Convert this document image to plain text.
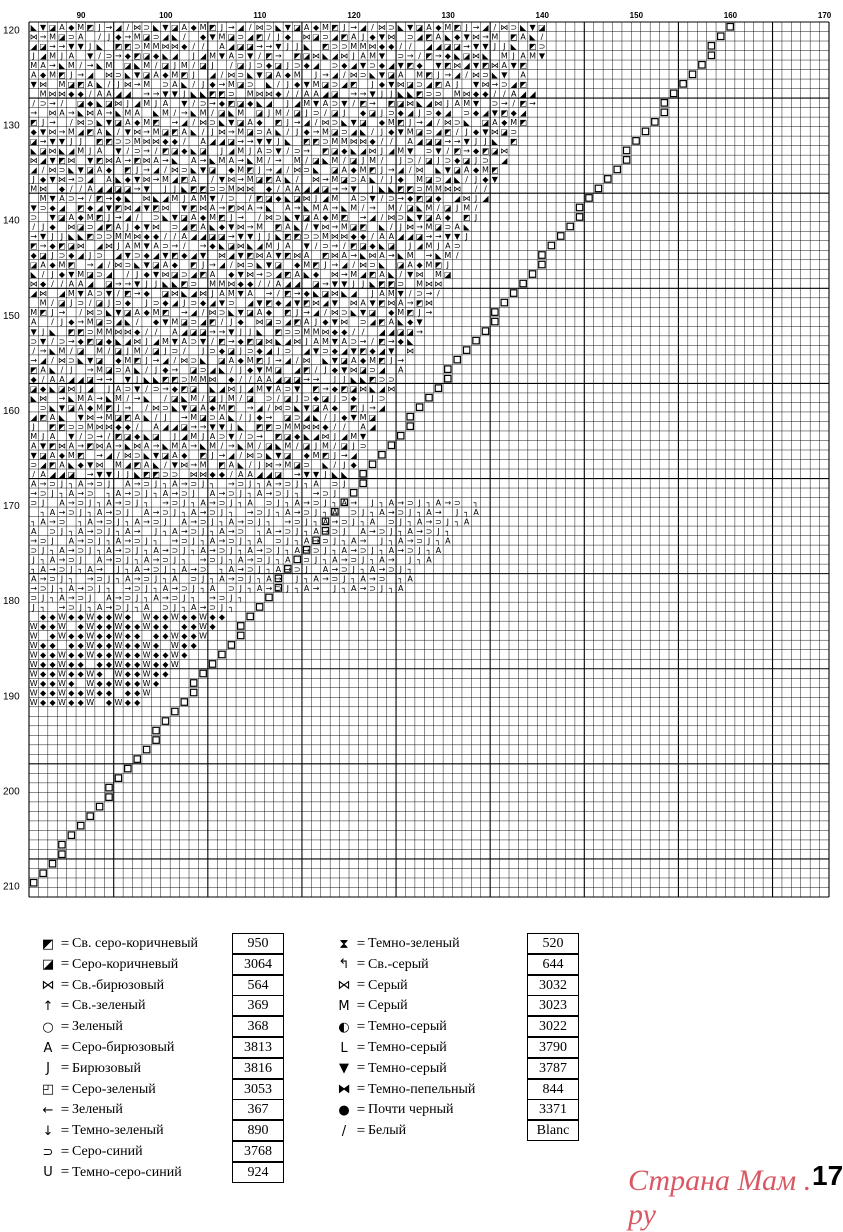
◣ ▼ ◪ A ◆ M ◩ J → ◢ / ⋈ ⊃ ◣ ▼ ◪ A ◆ M ◩ J → ◢ / ⋈ ⊃ ◣ ▼ ◪ A ◆ M ◩ J → ◢ / ⋈ ⊃ ◣ ▼ ◪ A ◆ M ◩ J → ◢ / ⋈ ⊃ ◣ ▼ ◪
⋈ → M ◪ ⊃ A / J ◆ → M ◪ ⊃ ◢ ◣ / ◆ ▼ M ◪ ⊃ ◢ ◩ / J ◆ ⋈ ◪ ⊃ ◢ ◩ A J ◆ ▼ ⋈ ⊃ ◢ ◩ A ◣ ◆ ▼ ⋈ → M ◩ A ◣ /
◢ ◪ → → ▼ ▼ J ◣ ◩ ◩ ⊃ M M ⋈ ⋈ ◆ / / A ◢ ◪ ◪ → → ▼ J J ◣ ◩ ⊃ ⊃ M M ⋈ ◆ ◆ / / ◢ ◢ ◪ ◪ → ▼ ▼ J J ◣ ◩ ⊃
J ◢ M J A ▼ / ⊃ → ◆ ◩ ◪ ◆ ◣ ◢ J ◢ M ▼ A ⊃ ▼ / ◩ → ◩ ◪ ⋈ ◣ ◢ ⋈ J A M ▼ ⊃ → / ◩ → ◆ ◣ ◪ ⋈ ◣ M J A M ▼
M A → ◣ M / → ◣ M ◪ ◣ M / ◪ J M / ◪ J / ◪ J ⊃ ◆ ◪ J ⊃ ◆ ◢ ⊃ ◆ ◢ ▼ ⊃ ◆ ◢ ▼ ◩ ◆ ▼ ◩ ⋈ ◢ ▼ ◩ ⋈ A ▼ ◩
A ◆ M ◩ J → ◢ ⋈ ⊃ ◣ ▼ ◪ A ◆ M ◩ J ◢ / ⋈ ⊃ ◣ ▼ ◪ A ◆ M J → ◢ / ⋈ ⊃ ◣ ▼ ◪ A M ◩ J → ◢ / ⋈ ⊃ ◣ ▼ A
▼ ⋈ M ◪ ◩ A ◣ / J ⋈ → M ⊃ A ◣ / J ◆ → M ◪ ⊃ ◣ / J ◆ ▼ M ◪ ⊃ ◢ ◩ J ◆ ▼ ⋈ ◪ ⊃ ◢ ◩ A J ▼ ⋈ → ⊃ ◢ ◩
M ⋈ ⋈ ◆ ◆ / A A ◢ ◢ → → ▼ ▼ J ◣ ◣ ◩ ◩ ⊃ M ⋈ ⋈ ◆ / / A A ◢ ◪ → → ▼ J J ◣ ◣ ◩ ⊃ ⊃ M ⋈ ◆ ◆ / / A ◢ ◢
/ ⊃ → / ◪ ◆ ◣ ◪ ⋈ J ◢ M J A ▼ / ⊃ → ◆ ◩ ◪ ◆ ◣ ◢ J ◢ M ▼ A ⊃ ▼ / ◩ → ◩ ◪ ⋈ ◣ ◢ ⋈ J A M ▼ ⊃ → / ◩ →
→ ⋈ A → ◣ ⋈ A → ◣ M A ◣ M / → ◣ M / ◪ ◣ M ◪ J M / ◪ J ⊃ / ◪ J ◆ ◪ J ⊃ ◆ ◢ J ⊃ ◆ ◢ ⊃ ◆ ◢ ▼ ◩ ◆ ◢
◩ J → / ⋈ ⊃ ◣ ▼ ◪ A ◆ M ◩ → ◢ / ⋈ ⊃ ◣ ▼ ◪ A ◆ ◩ J → ◢ / ⋈ ⊃ ◣ ▼ ◪ ◆ M ◩ J → ◢ / ⋈ ⊃ ◣ ◪ A ◆ M ◩
◆ ▼ ⋈ → M ◢ ◩ A ◣ / ▼ ⋈ → M ◪ ◩ A ◣ / J ⋈ → M ◪ ⊃ A ◣ / J ◆ → M ◪ ⊃ ◢ ◣ / J ◆ ▼ M ◪ ⊃ ◢ ◩ / J ◆ ▼ ⋈ ◪ ⊃
◪ → ▼ ▼ J J ◩ ◩ ⊃ ⊃ M ⋈ ⋈ ◆ ◆ / A ◢ ◢ ◪ → → ▼ ▼ J ◣ ◩ ◩ ⊃ M M ⋈ ⋈ ◆ / / A ◢ ◪ ◪ → → ▼ J J ◣ ◩
◣ ◪ ⋈ ◣ ◢ M J A ▼ / ⊃ → / ◩ ◪ ◆ ◣ ◪ J ◢ M J A ⊃ ▼ / ⊃ → ◩ ◪ ◆ ◣ ◢ ⋈ J ◢ M ▼ ⊃ ▼ / ◩ → ◆ ◩ ◪ ⋈
⋈ ◢ ▼ ◩ ⋈ ▼ ◩ ⋈ A → ◩ ⋈ A → ◣ A → ◣ M A → ◣ M / → M / ◪ ◣ M / ◪ J M / J ⊃ / ◪ J ⊃ ◆ ◪ J ⊃ ◢
◢ / ⋈ ⊃ ◣ ▼ ◪ A ◆ ◩ J → ◢ / ⋈ ⊃ ◣ ▼ ◪ ◆ M ◩ J → ◢ / ⋈ ⊃ ◣ ◪ A ◆ M ◩ J → ◢ / ⋈ ◣ ▼ ◪ A ◆ M ◩
J ◆ ▼ ⋈ → ⊃ ◢ A ◣ ◆ ▼ ⋈ → M ◢ ◩ A / ▼ ⋈ → M ◪ ◩ A ◣ / ⋈ → M ◪ ⊃ A ◣ / J ◆ M ◪ ⊃ ◢ ◣ / J ◆ ▼
M ⋈ ◆ / / A ◢ ◢ ◪ ◪ → ▼ J J ◣ ◩ ◩ ⊃ ⊃ M ⋈ ⋈ ◆ / A A ◢ ◢ ◪ → → ▼ J ◣ ◣ ◩ ◩ ⊃ M M ⋈ ⋈ / /
M ▼ A ⊃ → / ◩ → ◆ ◣ ⋈ ◣ ◢ M J A M ▼ / ⊃ / ◩ ◪ ◆ ◣ ◪ ⋈ J ◢ M A ⊃ ▼ / ⊃ → ◆ ◩ ◪ ◆ ◢ ⋈ J ◢
▼ ⊃ ◆ ◢ ◩ ◆ ◢ ▼ ◩ ⋈ ◢ ▼ ◩ ⋈ ▼ ◩ ⋈ A → ◩ ⋈ A → ◣ A → ◣ M A → ◣ M / → M / ◪ ◣ M / ◪ J M /
⊃ ▼ ◪ A ◆ M ◩ J → ◢ / ⊃ ◣ ▼ ◪ A ◆ M ◩ J → / ⋈ ⊃ ◣ ▼ ◪ A ◆ M ◩ → ◢ / ⋈ ⊃ ◣ ▼ ◪ A ◆ ◩ J
/ J ◆ ⋈ ◪ ⊃ ◢ ◩ A J ◆ ▼ ⋈ ⊃ ◢ ◩ A ◣ ◆ ▼ ⋈ → M ◩ A ◣ / ▼ ⋈ → M ◪ ◩ ◣ / J ⋈ → M ◪ ⊃ A ◣
→ ▼ J J ◣ ◣ ◩ ⊃ ⊃ M M ⋈ ◆ ◆ / / A ◢ ◢ ◪ ◪ → ▼ ▼ J J ◣ ◩ ◩ ⊃ ⊃ M ⋈ ⋈ ◆ ◆ / A A ◢ ◢ ◪ → → ▼ ▼ J
◩ → ◆ ◩ ◪ ⋈ ◢ ⋈ J A M ▼ A ⊃ → / → ◆ ◣ ◪ ⋈ ◣ ◢ M J A ▼ / ⊃ → / ◩ ◪ ◆ ◣ ◪ J ◢ M J A ⊃
◆ ◪ J ⊃ ◆ ◢ J ⊃ ◢ ▼ ⊃ ◆ ◢ ▼ ◩ ◆ ◢ ▼ ⋈ ◢ ▼ ◩ ⋈ A ▼ ◩ ⋈ A ◩ ⋈ A → ◣ ⋈ A → ◣ M → ◣ M /
◪ A ◆ M ◩ → ◢ / ⋈ ⊃ ◣ ▼ ◪ A ◆ ◩ J → ◢ / ⋈ ⊃ ◣ ▼ ◪ ◆ M ◩ J → ◢ / ⋈ ⊃ ◣ ◪ A ◆ M ◩ J
◣ / J ◆ ▼ M ◪ ⊃ ◢ / J ◆ ▼ ⋈ ◪ ⊃ ◢ ◩ A ◆ ▼ ⋈ → ⊃ ◢ ◩ A ◣ ◆ ⋈ → M ◢ ◩ A ◣ / ▼ ⋈ M ◪
⋈ ◆ / / A A ◢ ◪ → → ▼ J J ◣ ◣ ◩ ⊃ M M ⋈ ◆ ◆ / / A ◢ ◢ ◪ → ▼ ▼ J J ◣ ◩ ◩ ⊃ M ⋈ ⋈
◢ ⋈ ◢ M ▼ A ⊃ ▼ / ◩ → ◆ ◪ ⋈ ◣ ◢ ⋈ J A M ▼ A → / ◩ → ◆ ◣ ◪ ⋈ ◣ ◢ J A M ▼ / ⊃ → /
M / ◪ J ⊃ / ◪ J ⊃ ◆ J ⊃ ◆ ◢ J ⊃ ◆ ◢ ▼ ⊃ ◢ ▼ ◩ ◆ ◢ ▼ ◩ ⋈ ◢ ▼ ⋈ A ▼ ◩ ⋈ A → ◩ ⋈
M ◩ J → / ⋈ ⊃ ◣ ▼ ◪ A ◆ M ◩ → ◢ / ⋈ ⊃ ◣ ▼ ◪ A ◆ ◩ J → ◢ / ⋈ ⊃ ◣ ▼ ◪ ◆ M ◩ J →
A / J ◆ → M ◪ ⊃ ◢ ◣ / ◆ ▼ M ◪ ⊃ ◢ ◩ / J ◆ ⋈ ◪ ⊃ ◢ ◩ A J ◆ ▼ ⋈ ⊃ ◢ ◩ A ◣ ◆ ▼
▼ J ◣ ◩ ◩ ⊃ M M ⋈ ⋈ ◆ / / A ◢ ◪ ◪ → → ▼ J J ◣ ◩ ⊃ ⊃ M M ⋈ ◆ ◆ / / ◢ ◢ ◪ ◪ →
⊃ ▼ / ⊃ → ◆ ◩ ◪ ◆ ◣ ◢ ⋈ J ◢ M ▼ A ⊃ ▼ / ◩ → ◆ ◩ ◪ ⋈ ◣ ◢ ⋈ J A M ▼ A ⊃ → / ◩ → ◆ ◣
/ → ◣ M / ◪ M / ◪ J M / ◪ J ⊃ / J ⊃ ◆ ◪ J ⊃ ◆ ◢ J ⊃ ◢ ▼ ⊃ ◆ ◢ ▼ ◩ ◆ ◢ ▼ ⋈
→ ◢ / ⋈ ⊃ ◣ ▼ ◪ ◆ M ◩ J → ◢ / ⋈ ⊃ ◣ ◪ A ◆ M ◩ J → ◢ / ⋈ ◣ ▼ ◪ A ◆ M ◩ J →
◩ A ◣ / J → M ◪ ⊃ A ◣ / J ◆ → ◪ ⊃ ◢ ◣ / J ◆ ▼ M ◪ ◢ ◩ / J ◆ ▼ ⋈ ◪ ⊃ ◢ A
◆ / A A ◢ ◢ ◪ → → ▼ J ◣ ◣ ◩ ◩ ⊃ M M ⋈ ◆ / / A A ◢ ◪ ◪ → → J J ◣ ◣ ◩ ⊃ ⊃
◪ ◆ ◣ ◪ ⋈ J ◢ J A ⊃ ▼ / ⊃ → ◆ ◩ ◪ ◣ ◢ ⋈ J ◢ M ▼ A ⊃ ▼ ◩ → ◆ ◩ ◪ ⋈ ◣ ◢ ⋈
◣ ⋈ → ◣ M A → ◣ M / → ◣ / ◪ ◣ M / ◪ J M / ◪ ⊃ / ◪ J ⊃ ◆ ◪ J ⊃ ◆ J ⊃
⊃ ◣ ▼ ◪ A ◆ M ◩ J → / ⋈ ⊃ ◣ ▼ ◪ A ◆ M ◩ → ◢ / ⋈ ⊃ ◣ ▼ ◪ A ◆ ◩ J → ◢
◢ ◩ A ◣ ▼ ⋈ → M ◪ ◩ A ◣ / J → M ◪ ⊃ A ◣ / J ◆ → ◪ ⊃ ◢ ◣ / J ◆ ▼ M ◪
J ◩ ◩ ⊃ ⊃ M ⋈ ⋈ ◆ ◆ / A ◢ ◢ ◪ → → ▼ ▼ J ◣ ◩ ◩ ⊃ M M ⋈ ⋈ ◆ / / A ◢
M J A ▼ / ⊃ → / ◩ ◪ ◆ ◣ ◪ J ◢ M J A ⊃ ▼ / ⊃ → ◩ ◪ ◆ ◣ ◢ ⋈ J ◢ M ▼
A ▼ ◩ ⋈ A → ◩ ⋈ A → ◣ ⋈ A → ◣ M A → ◣ M / → ◣ M / ◪ ◣ M / ◪ J M / ◪ J ⊃
▼ ◪ A ◆ M ◩ → ◢ / ⋈ ⊃ ◣ ▼ ◪ A ◆ ◩ J → ◢ / ⋈ ⊃ ◣ ▼ ◪ ◆ M ◩ J → ◢
⊃ ◢ ◩ A ◣ ◆ ▼ ⋈ M ◢ ◩ A ◣ / ▼ ⋈ → M ◩ A ◣ / J ⋈ → M ◪ ⊃ ◣ / J ◆
/ A ◢ ◢ ◪ → ▼ ▼ J J ◣ ◩ ◩ ⊃ ⊃ ⋈ ⋈ ◆ ◆ / A A ◢ ◢ ◪ → ▼ ▼ J ◣ ◣
A → ⊃ J ┐ A → ⊃ J A → ⊃ J ┐ A → ⊃ J ┐ → ⊃ J ┐ A → ⊃ J ┐ A ⊃ J
→ ⊃ J ┐ A → ⊃ ┐ A → ⊃ J ┐ A → ⊃ J A → ⊃ J ┐ A → ⊃ J ┐ → ⊃ J
⊃ J A → ⊃ J ┐ A → ⊃ J ┐ → ⊃ J ┐ A → ⊃ J ┐ A ⊃ J ┐ A → ⊃ J ┐ A → J ┐ A → ⊃ J ┐ A → ⊃ ┐
┐ A → ⊃ J ┐ A → ⊃ J A → ⊃ J ┐ A → ⊃ J ┐ → ⊃ J ┐ A → ⊃ J ┐ A ⊃ J ┐ A → ⊃ J ┐ A → J ┐ A
┐ A → ⊃ ┐ A → ⊃ J ┐ A → ⊃ J A → ⊃ J ┐ A → ⊃ J ┐ → ⊃ J ┐ A → ⊃ J ┐ A ⊃ J ┐ A → ⊃ J ┐ A
A ⊃ J ┐ A → ⊃ J ┐ A → J ┐ A → ⊃ J ┐ A → ⊃ ┐ A → ⊃ J ┐ A → ⊃ J A → ⊃ J ┐ A → ⊃ J ┐
→ ⊃ J A → ⊃ J ┐ A → ⊃ J ┐ → ⊃ J ┐ A → ⊃ J ┐ A ⊃ J ┐ A → ⊃ J ┐ A → J ┐ A → ⊃ J ┐ A
⊃ J ┐ A → ⊃ J ┐ A → ⊃ J ┐ A → ⊃ J ┐ A → ⊃ J ┐ A → ⊃ J ┐ A → ⊃ J ┐ A → ⊃ J ┐ A → ⊃ J ┐ A
J ┐ A → ⊃ J A → ⊃ J ┐ A → ⊃ J ┐ → ⊃ J ┐ A → ⊃ J ┐ A ⊃ J ┐ A → ⊃ J ┐ A → J ┐ A
┐ A → ⊃ J ┐ A → J ┐ A → ⊃ J ┐ A → ⊃ ┐ A → ⊃ J ┐ A → ⊃ J A → ⊃ J ┐ A → ⊃ J ┐
A → ⊃ J ┐ → ⊃ J ┐ A → ⊃ J ┐ A ⊃ J ┐ A → ⊃ J ┐ A → J ┐ A → ⊃ J ┐ A → ⊃ ┐ A
→ ⊃ J ┐ A → ⊃ J ┐ → ⊃ J ┐ A → ⊃ J ┐ A ⊃ J ┐ A → ⊃ J ┐ A → J ┐ A → ⊃ J ┐ A
⊃ J ┐ A → ⊃ J A → ⊃ J ┐ A → ⊃ J ┐ → ⊃ J ┐
J ┐ → ⊃ J ┐ A → ⊃ J ┐ A ⊃ J ┐ A → ⊃ J ┐
◆ ◆ W ◆ ◆ W ◆ ◆ W ◆ W ◆ ◆ W ◆ ◆ W ◆ ◆
W ◆ ◆ W ◆ W ◆ ◆ W ◆ ◆ W ◆ ◆ ◆ ◆ W ◆
W ◆ W ◆ ◆ W ◆ ◆ W ◆ ◆ ◆ ◆ W ◆ ◆ W
W ◆ ◆ ◆ ◆ W ◆ ◆ W ◆ ◆ W ◆ W ◆ ◆
W ◆ ◆ W ◆ ◆ W ◆ ◆ W ◆ ◆ W ◆ ◆ W ◆
W ◆ ◆ W ◆ ◆ ◆ ◆ W ◆ ◆ W ◆ ◆ W
W ◆ ◆ W ◆ ◆ W ◆ W ◆ ◆ W ◆ ◆
W ◆ ◆ W ◆ W ◆ ◆ W ◆ ◆ W ◆
W ◆ ◆ W ◆ ◆ W ◆ ◆ ◆ ◆ W
W ◆ ◆ W ◆ ◆ W ◆ W ◆ ◆
90	100	110	120	130	140	150	160	170
120
130
140
150
160
170
180
190
200
210
◩ = Св. серо-коричневый	950
◪ = Серо-коричневый	3064
⋈ = Св.-бирюзовый	564
↑ = Св.-зеленый	369
○ = Зеленый	368
A = Серо-бирюзовый	3813
J = Бирюзовый	3816
◰ = Серо-зеленый	3053
← = Зеленый	367
↓ = Темно-зеленый	890
⊃ = Серо-синий	3768
U = Темно-серо-синий	924
⧗ = Темно-зеленый	520
↰ = Св.-серый	644
⋈ = Серый	3032
M = Серый	3023
◐ = Темно-серый	3022
L = Темно-серый	3790
▼ = Темно-серый	3787
⧓ = Темно-пепельный	844
● = Почти черный	3371
/ = Белый	Blanc
Страна Мам . ру
17
